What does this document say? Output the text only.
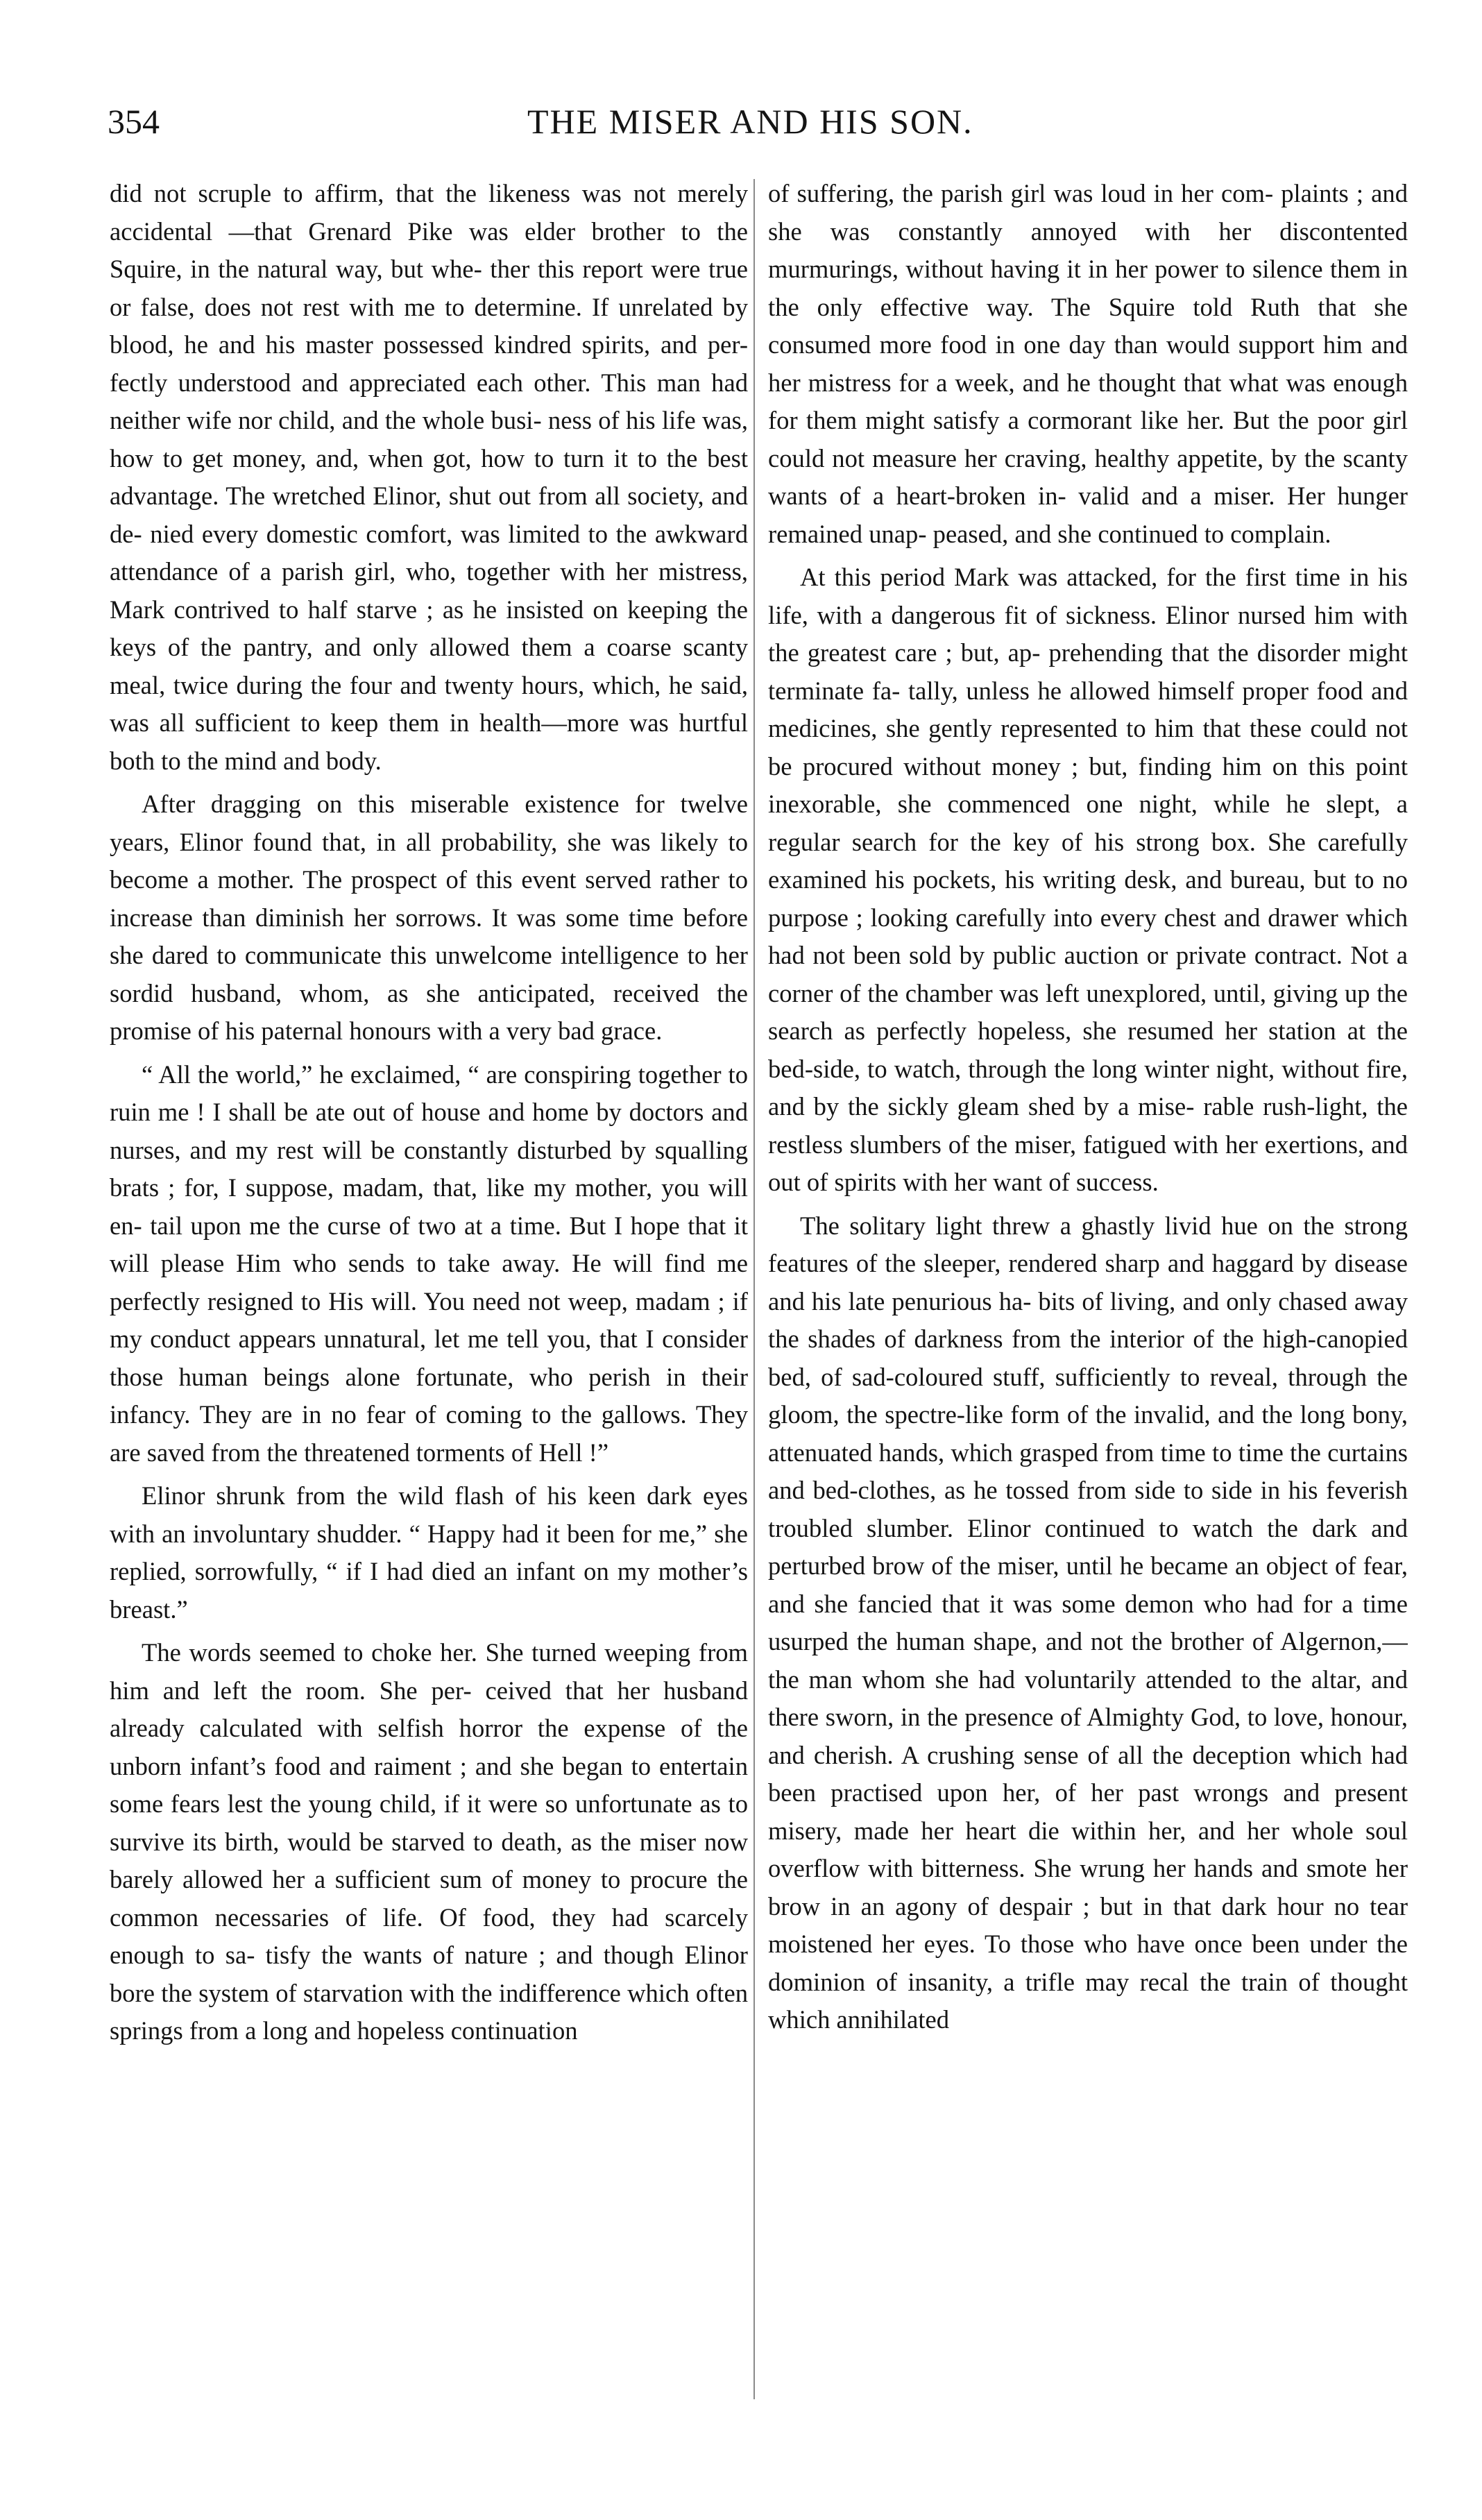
354	THE MISER AND HIS SON.

did not scruple to affirm, that the likeness was not merely accidental —that Grenard Pike was elder brother to the Squire, in the natural way, but whe- ther this report were true or false, does not rest with me to determine. If unrelated by blood, he and his master possessed kindred spirits, and per- fectly understood and appreciated each other. This man had neither wife nor child, and the whole busi- ness of his life was, how to get money, and, when got, how to turn it to the best advantage. The wretched Elinor, shut out from all society, and de- nied every domestic comfort, was limited to the awkward attendance of a parish girl, who, together with her mistress, Mark contrived to half starve ; as he insisted on keeping the keys of the pantry, and only allowed them a coarse scanty meal, twice during the four and twenty hours, which, he said, was all sufficient to keep them in health—more was hurtful both to the mind and body.

After dragging on this miserable existence for twelve years, Elinor found that, in all probability, she was likely to become a mother. The prospect of this event served rather to increase than diminish her sorrows. It was some time before she dared to communicate this unwelcome intelligence to her sordid husband, whom, as she anticipated, received the promise of his paternal honours with a very bad grace.

“ All the world,” he exclaimed, “ are conspiring together to ruin me ! I shall be ate out of house and home by doctors and nurses, and my rest will be constantly disturbed by squalling brats ; for, I suppose, madam, that, like my mother, you will en- tail upon me the curse of two at a time. But I hope that it will please Him who sends to take away. He will find me perfectly resigned to His will. You need not weep, madam ; if my conduct appears unnatural, let me tell you, that I consider those human beings alone fortunate, who perish in their infancy. They are in no fear of coming to the gallows. They are saved from the threatened torments of Hell !”

Elinor shrunk from the wild flash of his keen dark eyes with an involuntary shudder. “ Happy had it been for me,” she replied, sorrowfully, “ if I had died an infant on my mother’s breast.”

The words seemed to choke her. She turned weeping from him and left the room. She per- ceived that her husband already calculated with selfish horror the expense of the unborn infant’s food and raiment ; and she began to entertain some fears lest the young child, if it were so unfortunate as to survive its birth, would be starved to death, as the miser now barely allowed her a sufficient sum of money to procure the common necessaries of life. Of food, they had scarcely enough to sa- tisfy the wants of nature ; and though Elinor bore the system of starvation with the indifference which often springs from a long and hopeless continuation

of suffering, the parish girl was loud in her com- plaints ; and she was constantly annoyed with her discontented murmurings, without having it in her power to silence them in the only effective way. The Squire told Ruth that she consumed more food in one day than would support him and her mistress for a week, and he thought that what was enough for them might satisfy a cormorant like her. But the poor girl could not measure her craving, healthy appetite, by the scanty wants of a heart-broken in- valid and a miser. Her hunger remained unap- peased, and she continued to complain.

At this period Mark was attacked, for the first time in his life, with a dangerous fit of sickness. Elinor nursed him with the greatest care ; but, ap- prehending that the disorder might terminate fa- tally, unless he allowed himself proper food and medicines, she gently represented to him that these could not be procured without money ; but, finding him on this point inexorable, she commenced one night, while he slept, a regular search for the key of his strong box. She carefully examined his pockets, his writing desk, and bureau, but to no purpose ; looking carefully into every chest and drawer which had not been sold by public auction or private contract. Not a corner of the chamber was left unexplored, until, giving up the search as perfectly hopeless, she resumed her station at the bed-side, to watch, through the long winter night, without fire, and by the sickly gleam shed by a mise- rable rush-light, the restless slumbers of the miser, fatigued with her exertions, and out of spirits with her want of success.

The solitary light threw a ghastly livid hue on the strong features of the sleeper, rendered sharp and haggard by disease and his late penurious ha- bits of living, and only chased away the shades of darkness from the interior of the high-canopied bed, of sad-coloured stuff, sufficiently to reveal, through the gloom, the spectre-like form of the invalid, and the long bony, attenuated hands, which grasped from time to time the curtains and bed-clothes, as he tossed from side to side in his feverish troubled slumber. Elinor continued to watch the dark and perturbed brow of the miser, until he became an object of fear, and she fancied that it was some demon who had for a time usurped the human shape, and not the brother of Algernon,—the man whom she had voluntarily attended to the altar, and there sworn, in the presence of Almighty God, to love, honour, and cherish. A crushing sense of all the deception which had been practised upon her, of her past wrongs and present misery, made her heart die within her, and her whole soul overflow with bitterness. She wrung her hands and smote her brow in an agony of despair ; but in that dark hour no tear moistened her eyes. To those who have once been under the dominion of insanity, a trifle may recal the train of thought which annihilated
